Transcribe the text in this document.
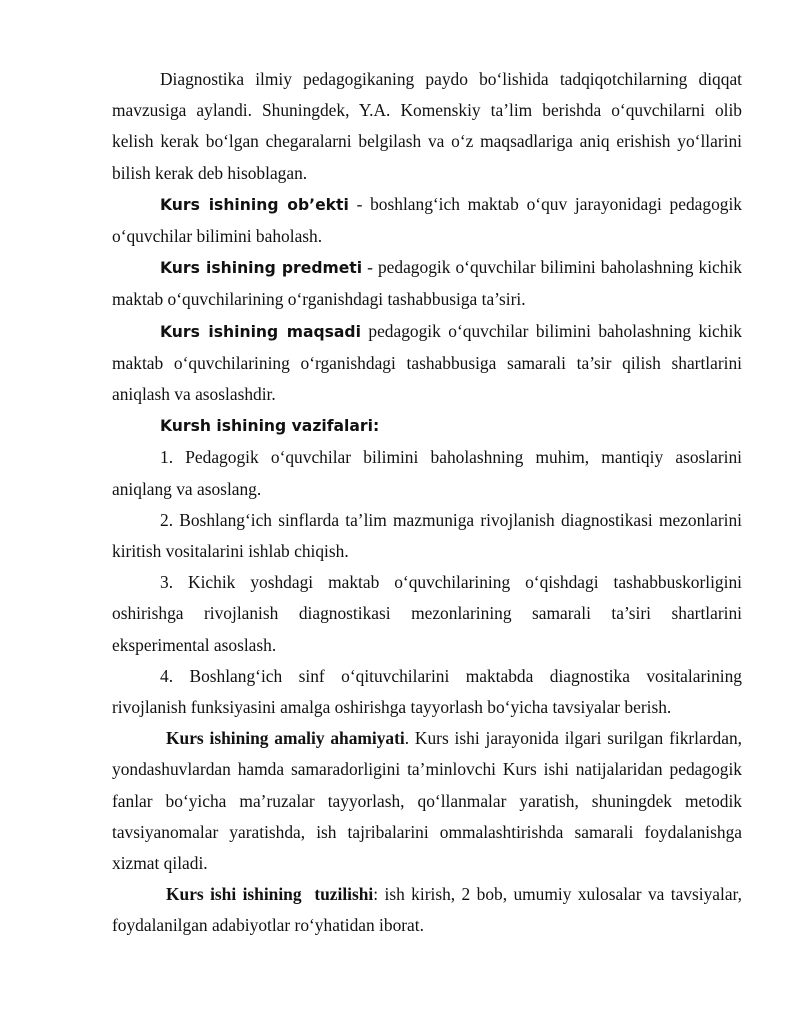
Diagnostika ilmiy pedagogikaning paydo bo‘lishida tadqiqotchilarning diqqat mavzusiga aylandi. Shuningdek, Y.A. Komenskiy ta’lim berishda o‘quvchilarni olib kelish kerak bo‘lgan chegaralarni belgilash va o‘z maqsadlariga aniq erishish yo‘llarini bilish kerak deb hisoblagan.

Kurs ishining ob’ekti - boshlang‘ich maktab o‘quv jarayonidagi pedagogik o‘quvchilar bilimini baholash.

Kurs ishining predmeti - pedagogik o‘quvchilar bilimini baholashning kichik maktab o‘quvchilarining o‘rganishdagi tashabbusiga ta’siri.

Kurs ishining maqsadi pedagogik o‘quvchilar bilimini baholashning kichik maktab o‘quvchilarining o‘rganishdagi tashabbusiga samarali ta’sir qilish shartlarini aniqlash va asoslashdir.

Kursh ishining vazifalari:

1. Pedagogik o‘quvchilar bilimini baholashning muhim, mantiqiy asoslarini aniqlang va asoslang.

2. Boshlang‘ich sinflarda ta’lim mazmuniga rivojlanish diagnostikasi mezonlarini kiritish vositalarini ishlab chiqish.

3. Kichik yoshdagi maktab o‘quvchilarining o‘qishdagi tashabbuskorligini oshirishga rivojlanish diagnostikasi mezonlarining samarali ta’siri shartlarini eksperimental asoslash.

4. Boshlang‘ich sinf o‘qituvchilarini maktabda diagnostika vositalarining rivojlanish funksiyasini amalga oshirishga tayyorlash bo‘yicha tavsiyalar berish.

Kurs ishining amaliy ahamiyati. Kurs ishi jarayonida ilgari surilgan fikrlardan, yondashuvlardan hamda samaradorligini ta’minlovchi Kurs ishi natijalaridan pedagogik fanlar bo‘yicha ma’ruzalar tayyorlash, qo‘llanmalar yaratish, shuningdek metodik tavsiyanomalar yaratishda, ish tajribalarini ommalashtirishda samarali foydalanishga xizmat qiladi.

Kurs ishi ishining  tuzilishi: ish kirish, 2 bob, umumiy xulosalar va tavsiyalar, foydalanilgan adabiyotlar ro‘yhatidan iborat.
